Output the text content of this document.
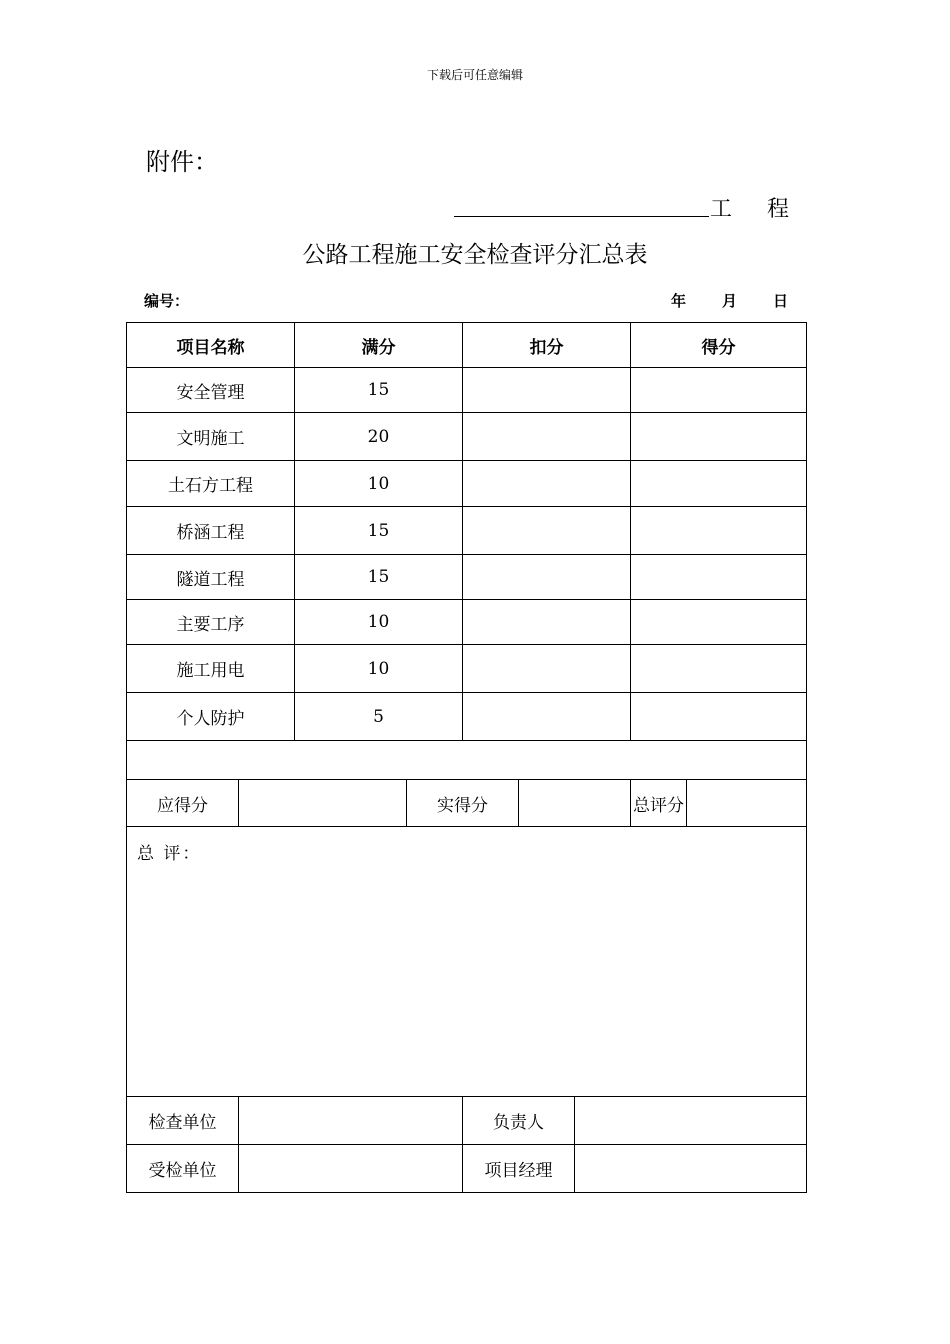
下载后可任意编辑
附件：
工 程
公路工程施工安全检查评分汇总表
编号：	年 月 日
项目名称		满分		扣分			得分	
安全管理		15						
文明施工		20						
土石方工程		10						
桥涵工程		15						
隧道工程		15						
主要工序		10						
施工用电		10						
个人防护		5						

应得分			实得分				总评分	
总 评：								
检查单位				负责人				
受检单位				项目经理				
